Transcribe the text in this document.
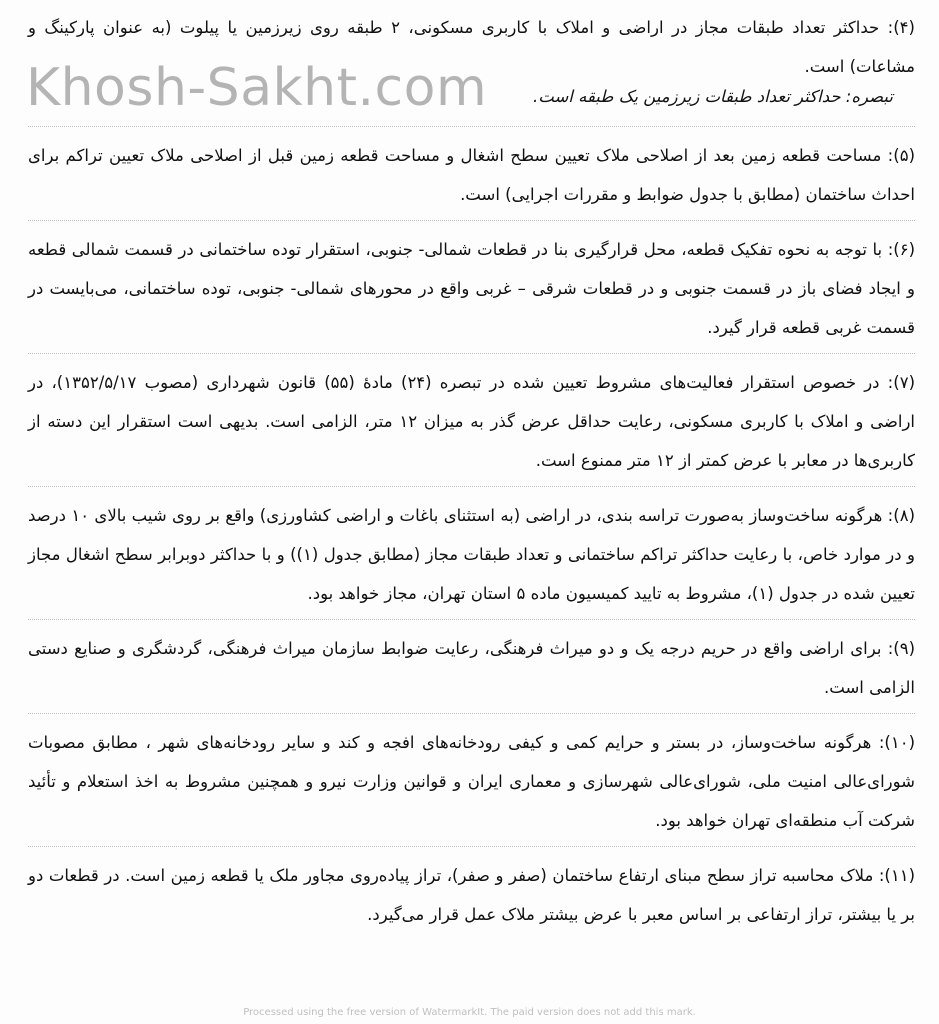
(۴): حداکثر تعداد طبقات مجاز در اراضی و املاک با کاربری مسکونی، ۲ طبقه روی زیرزمین یا پیلوت (به عنوان پارکینگ و مشاعات) است.

تبصره: حداکثر تعداد طبقات زیرزمین یک طبقه است.

(۵): مساحت قطعه زمین بعد از اصلاحی ملاک تعیین سطح اشغال و مساحت قطعه زمین قبل از اصلاحی ملاک تعیین تراکم برای احداث ساختمان (مطابق با جدول ضوابط و مقررات اجرایی) است.

(۶): با توجه به نحوه تفکیک قطعه، محل قرارگیری بنا در قطعات شمالی- جنوبی، استقرار توده ساختمانی در قسمت شمالی قطعه و ایجاد فضای باز در قسمت جنوبی و در قطعات شرقی – غربی واقع در محورهای شمالی- جنوبی، توده ساختمانی، می‌بایست در قسمت غربی قطعه قرار گیرد.

(۷): در خصوص استقرار فعالیت‌های مشروط تعیین شده در تبصره (۲۴) مادهٔ (۵۵) قانون شهرداری (مصوب ۱۳۵۲/۵/۱۷)، در اراضی و املاک با کاربری مسکونی، رعایت حداقل عرض گذر به میزان ۱۲ متر، الزامی است. بدیهی است استقرار این دسته از کاربری‌ها در معابر با عرض کمتر از ۱۲ متر ممنوع است.

(۸): هرگونه ساخت‌وساز به‌صورت تراسه بندی، در اراضی (به استثنای باغات و اراضی کشاورزی) واقع بر روی شیب بالای ۱۰ درصد و در موارد خاص، با رعایت حداکثر تراکم ساختمانی و تعداد طبقات مجاز (مطابق جدول (۱)) و با حداکثر دوبرابر سطح اشغال مجاز تعیین شده در جدول (۱)، مشروط به تایید کمیسیون ماده ۵ استان تهران، مجاز خواهد بود.

(۹): برای اراضی واقع در حریم درجه یک و دو میراث فرهنگی، رعایت ضوابط سازمان میراث فرهنگی، گردشگری و صنایع دستی الزامی است.

(۱۰): هرگونه ساخت‌وساز، در بستر و حرایم کمی و کیفی رودخانه‌های افجه و کند و سایر رودخانه‌های شهر ، مطابق مصوبات شورای‌عالی امنیت ملی، شورای‌عالی شهرسازی و معماری ایران و قوانین وزارت نیرو و همچنین مشروط به اخذ استعلام و تأئید شرکت آب منطقه‌ای تهران خواهد بود.

(۱۱): ملاک محاسبه تراز سطح مبنای ارتفاع ساختمان (صفر و صفر)، تراز پیاده‌روی مجاور ملک یا قطعه زمین است. در قطعات دو بر یا بیشتر، تراز ارتفاعی بر اساس معبر با عرض بیشتر ملاک عمل قرار می‌گیرد.

Khosh-Sakht.com
Processed using the free version of WatermarkIt. The paid version does not add this mark.
